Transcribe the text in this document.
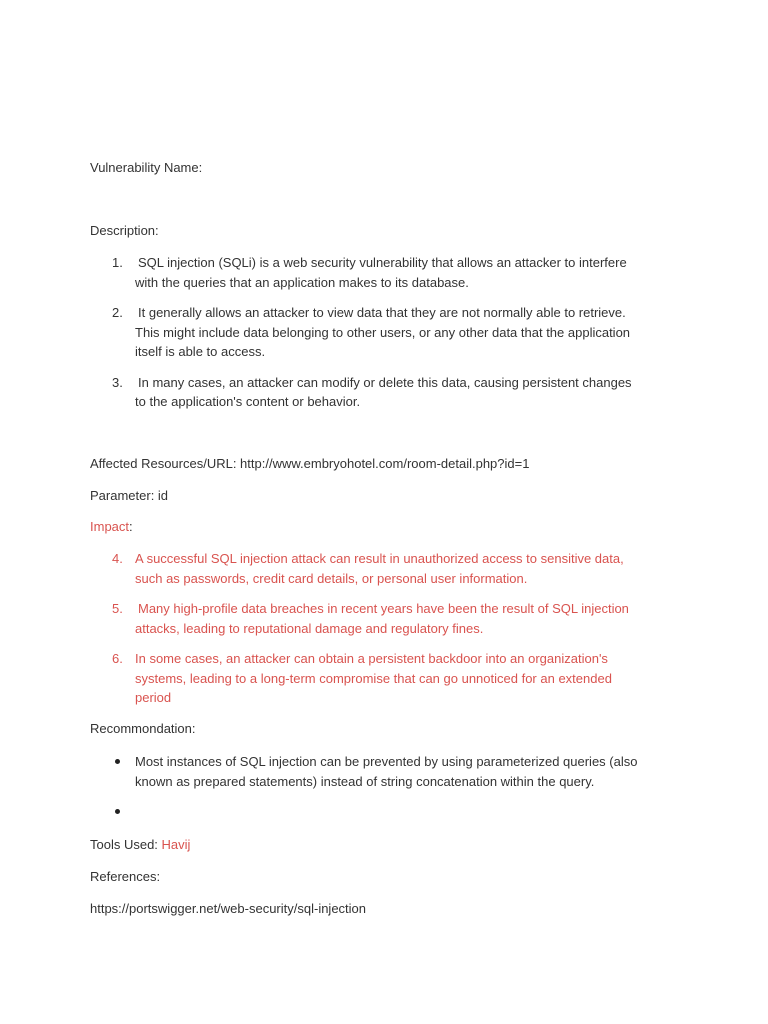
Vulnerability Name:
Description:
1. SQL injection (SQLi) is a web security vulnerability that allows an attacker to interfere
with the queries that an application makes to its database.
2. It generally allows an attacker to view data that they are not normally able to retrieve.
This might include data belonging to other users, or any other data that the application
itself is able to access.
3. In many cases, an attacker can modify or delete this data, causing persistent changes
to the application's content or behavior.
Affected Resources/URL: http://www.embryohotel.com/room-detail.php?id=1
Parameter: id
Impact:
4. A successful SQL injection attack can result in unauthorized access to sensitive data,
such as passwords, credit card details, or personal user information.
5. Many high-profile data breaches in recent years have been the result of SQL injection
attacks, leading to reputational damage and regulatory fines.
6. In some cases, an attacker can obtain a persistent backdoor into an organization's
systems, leading to a long-term compromise that can go unnoticed for an extended
period
Recommondation:
Most instances of SQL injection can be prevented by using parameterized queries (also
known as prepared statements) instead of string concatenation within the query.
Tools Used: Havij
References:
https://portswigger.net/web-security/sql-injection
